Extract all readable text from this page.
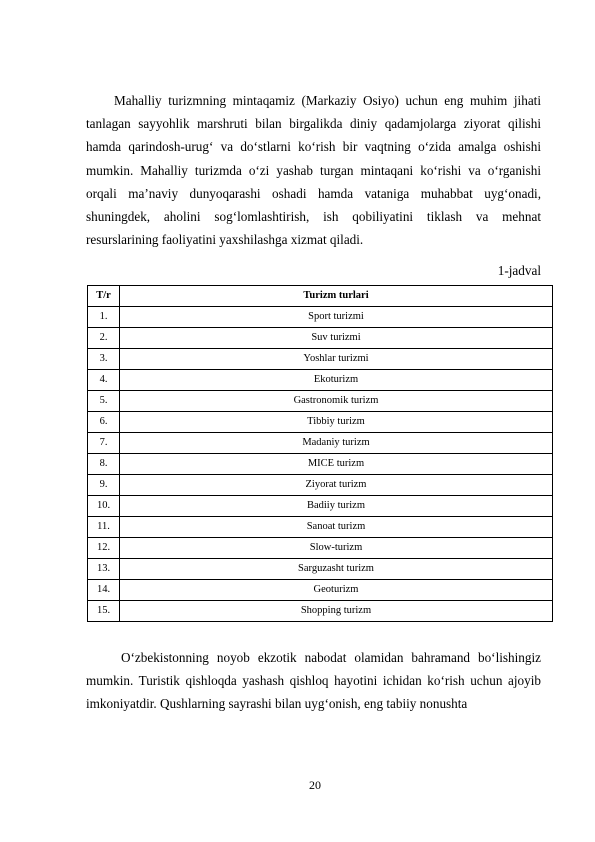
Mahalliy turizmning mintaqamiz (Markaziy Osiyo) uchun eng muhim jihati tanlagan sayyohlik marshruti bilan birgalikda diniy qadamjolarga ziyorat qilishi hamda qarindosh-urug‘ va do‘stlarni ko‘rish bir vaqtning o‘zida amalga oshishi mumkin. Mahalliy turizmda o‘zi yashab turgan mintaqani ko‘rishi va o‘rganishi orqali ma’naviy dunyoqarashi oshadi hamda vataniga muhabbat uyg‘onadi, shuningdek, aholini sog‘lomlashtirish, ish qobiliyatini tiklash va mehnat resurslarining faoliyatini yaxshilashga xizmat qiladi.

1-jadval
T/r	Turizm turlari
1.	Sport turizmi
2.	Suv turizmi
3.	Yoshlar turizmi
4.	Ekoturizm
5.	Gastronomik turizm
6.	Tibbiy turizm
7.	Madaniy turizm
8.	MICE turizm
9.	Ziyorat turizm
10.	Badiiy turizm
11.	Sanoat turizm
12.	Slow-turizm
13.	Sarguzasht turizm
14.	Geoturizm
15.	Shopping turizm

O‘zbekistonning noyob ekzotik nabodat olamidan bahramand bo‘lishingiz mumkin. Turistik qishloqda yashash qishloq hayotini ichidan ko‘rish uchun ajoyib imkoniyatdir. Qushlarning sayrashi bilan uyg‘onish, eng tabiiy nonushta

20
